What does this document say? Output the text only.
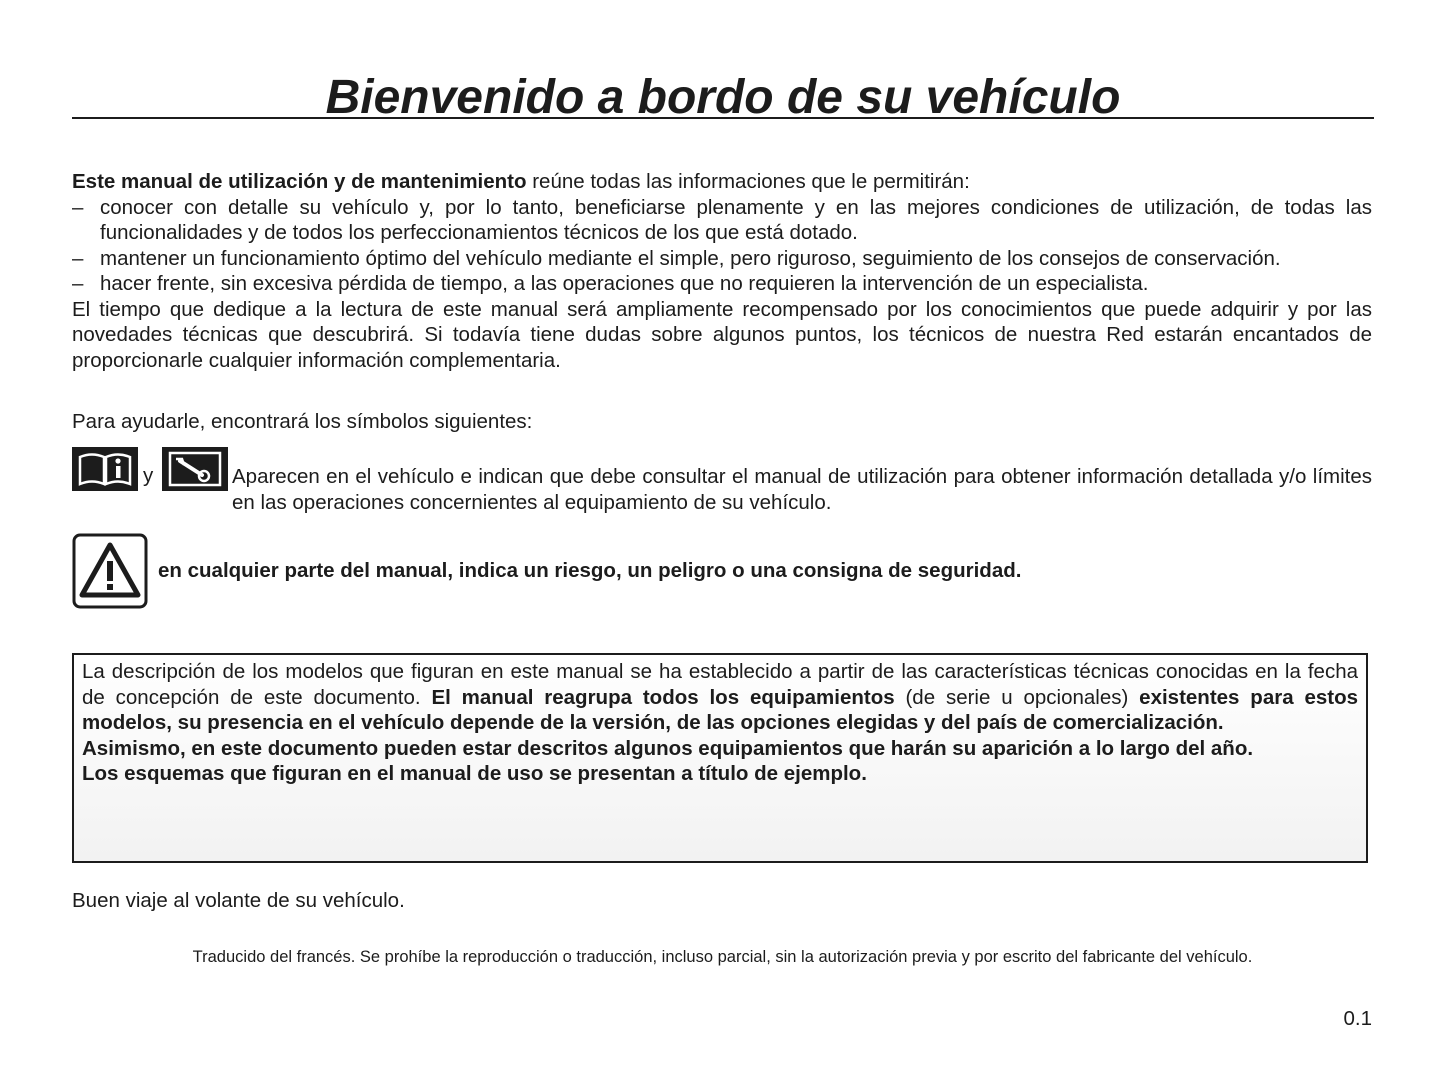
Bienvenido a bordo de su vehículo
Este manual de utilización y de mantenimiento reúne todas las informaciones que le permitirán:
– conocer con detalle su vehículo y, por lo tanto, beneficiarse plenamente y en las mejores condiciones de utilización, de todas las funcionalidades y de todos los perfeccionamientos técnicos de los que está dotado.
– mantener un funcionamiento óptimo del vehículo mediante el simple, pero riguroso, seguimiento de los consejos de conservación.
– hacer frente, sin excesiva pérdida de tiempo, a las operaciones que no requieren la intervención de un especialista.
El tiempo que dedique a la lectura de este manual será ampliamente recompensado por los conocimientos que puede adquirir y por las novedades técnicas que descubrirá. Si todavía tiene dudas sobre algunos puntos, los técnicos de nuestra Red estarán encantados de proporcionarle cualquier información complementaria.
Para ayudarle, encontrará los símbolos siguientes:
y	Aparecen en el vehículo e indican que debe consultar el manual de utilización para obtener información detallada y/o límites en las operaciones concernientes al equipamiento de su vehículo.
en cualquier parte del manual, indica un riesgo, un peligro o una consigna de seguridad.
La descripción de los modelos que figuran en este manual se ha establecido a partir de las características técnicas conocidas en la fecha de concepción de este documento. El manual reagrupa todos los equipamientos (de serie u opcionales) existentes para estos modelos, su presencia en el vehículo depende de la versión, de las opciones elegidas y del país de comercialización.
Asimismo, en este documento pueden estar descritos algunos equipamientos que harán su aparición a lo largo del año.
Los esquemas que figuran en el manual de uso se presentan a título de ejemplo.
Buen viaje al volante de su vehículo.
Traducido del francés. Se prohíbe la reproducción o traducción, incluso parcial, sin la autorización previa y por escrito del fabricante del vehículo.
0.1
